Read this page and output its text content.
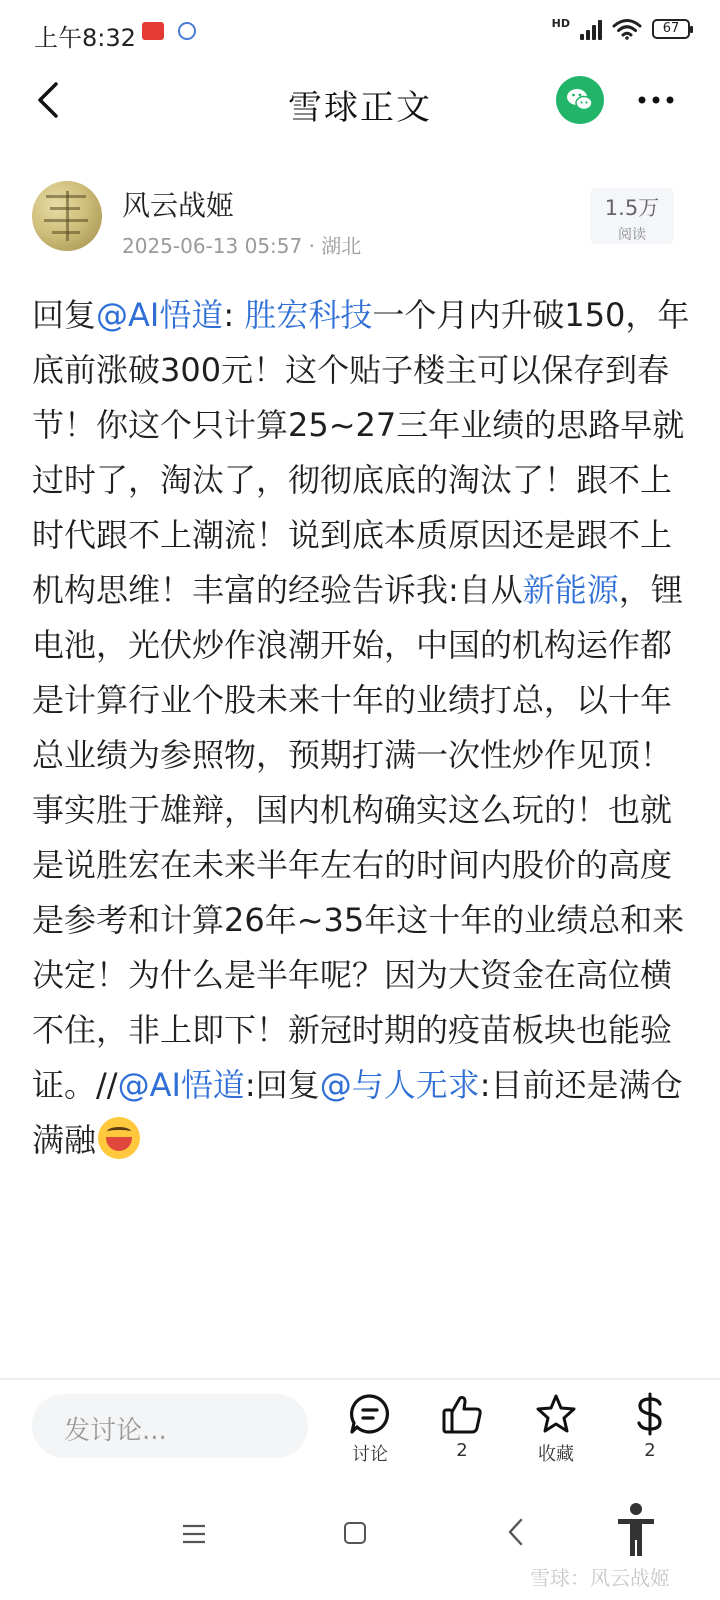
上午8:32
HD	67
雪球正文
风云战姬
2025-06-13 05:57 · 湖北
1.5万
阅读

回复@AI悟道: 胜宏科技一个月内升破150，年底前涨破300元！这个贴子楼主可以保存到春节！你这个只计算25~27三年业绩的思路早就过时了，淘汰了，彻彻底底的淘汰了！跟不上时代跟不上潮流！说到底本质原因还是跟不上机构思维！丰富的经验告诉我:自从新能源，锂电池，光伏炒作浪潮开始，中国的机构运作都是计算行业个股未来十年的业绩打总，以十年总业绩为参照物，预期打满一次性炒作见顶！事实胜于雄辩，国内机构确实这么玩的！也就是说胜宏在未来半年左右的时间内股价的高度是参考和计算26年~35年这十年的业绩总和来决定！为什么是半年呢？因为大资金在高位横不住，非上即下！新冠时期的疫苗板块也能验证。//@AI悟道:回复@与人无求:目前还是满仓满融

发讨论...
讨论	2	收藏	2
雪球：风云战姬
